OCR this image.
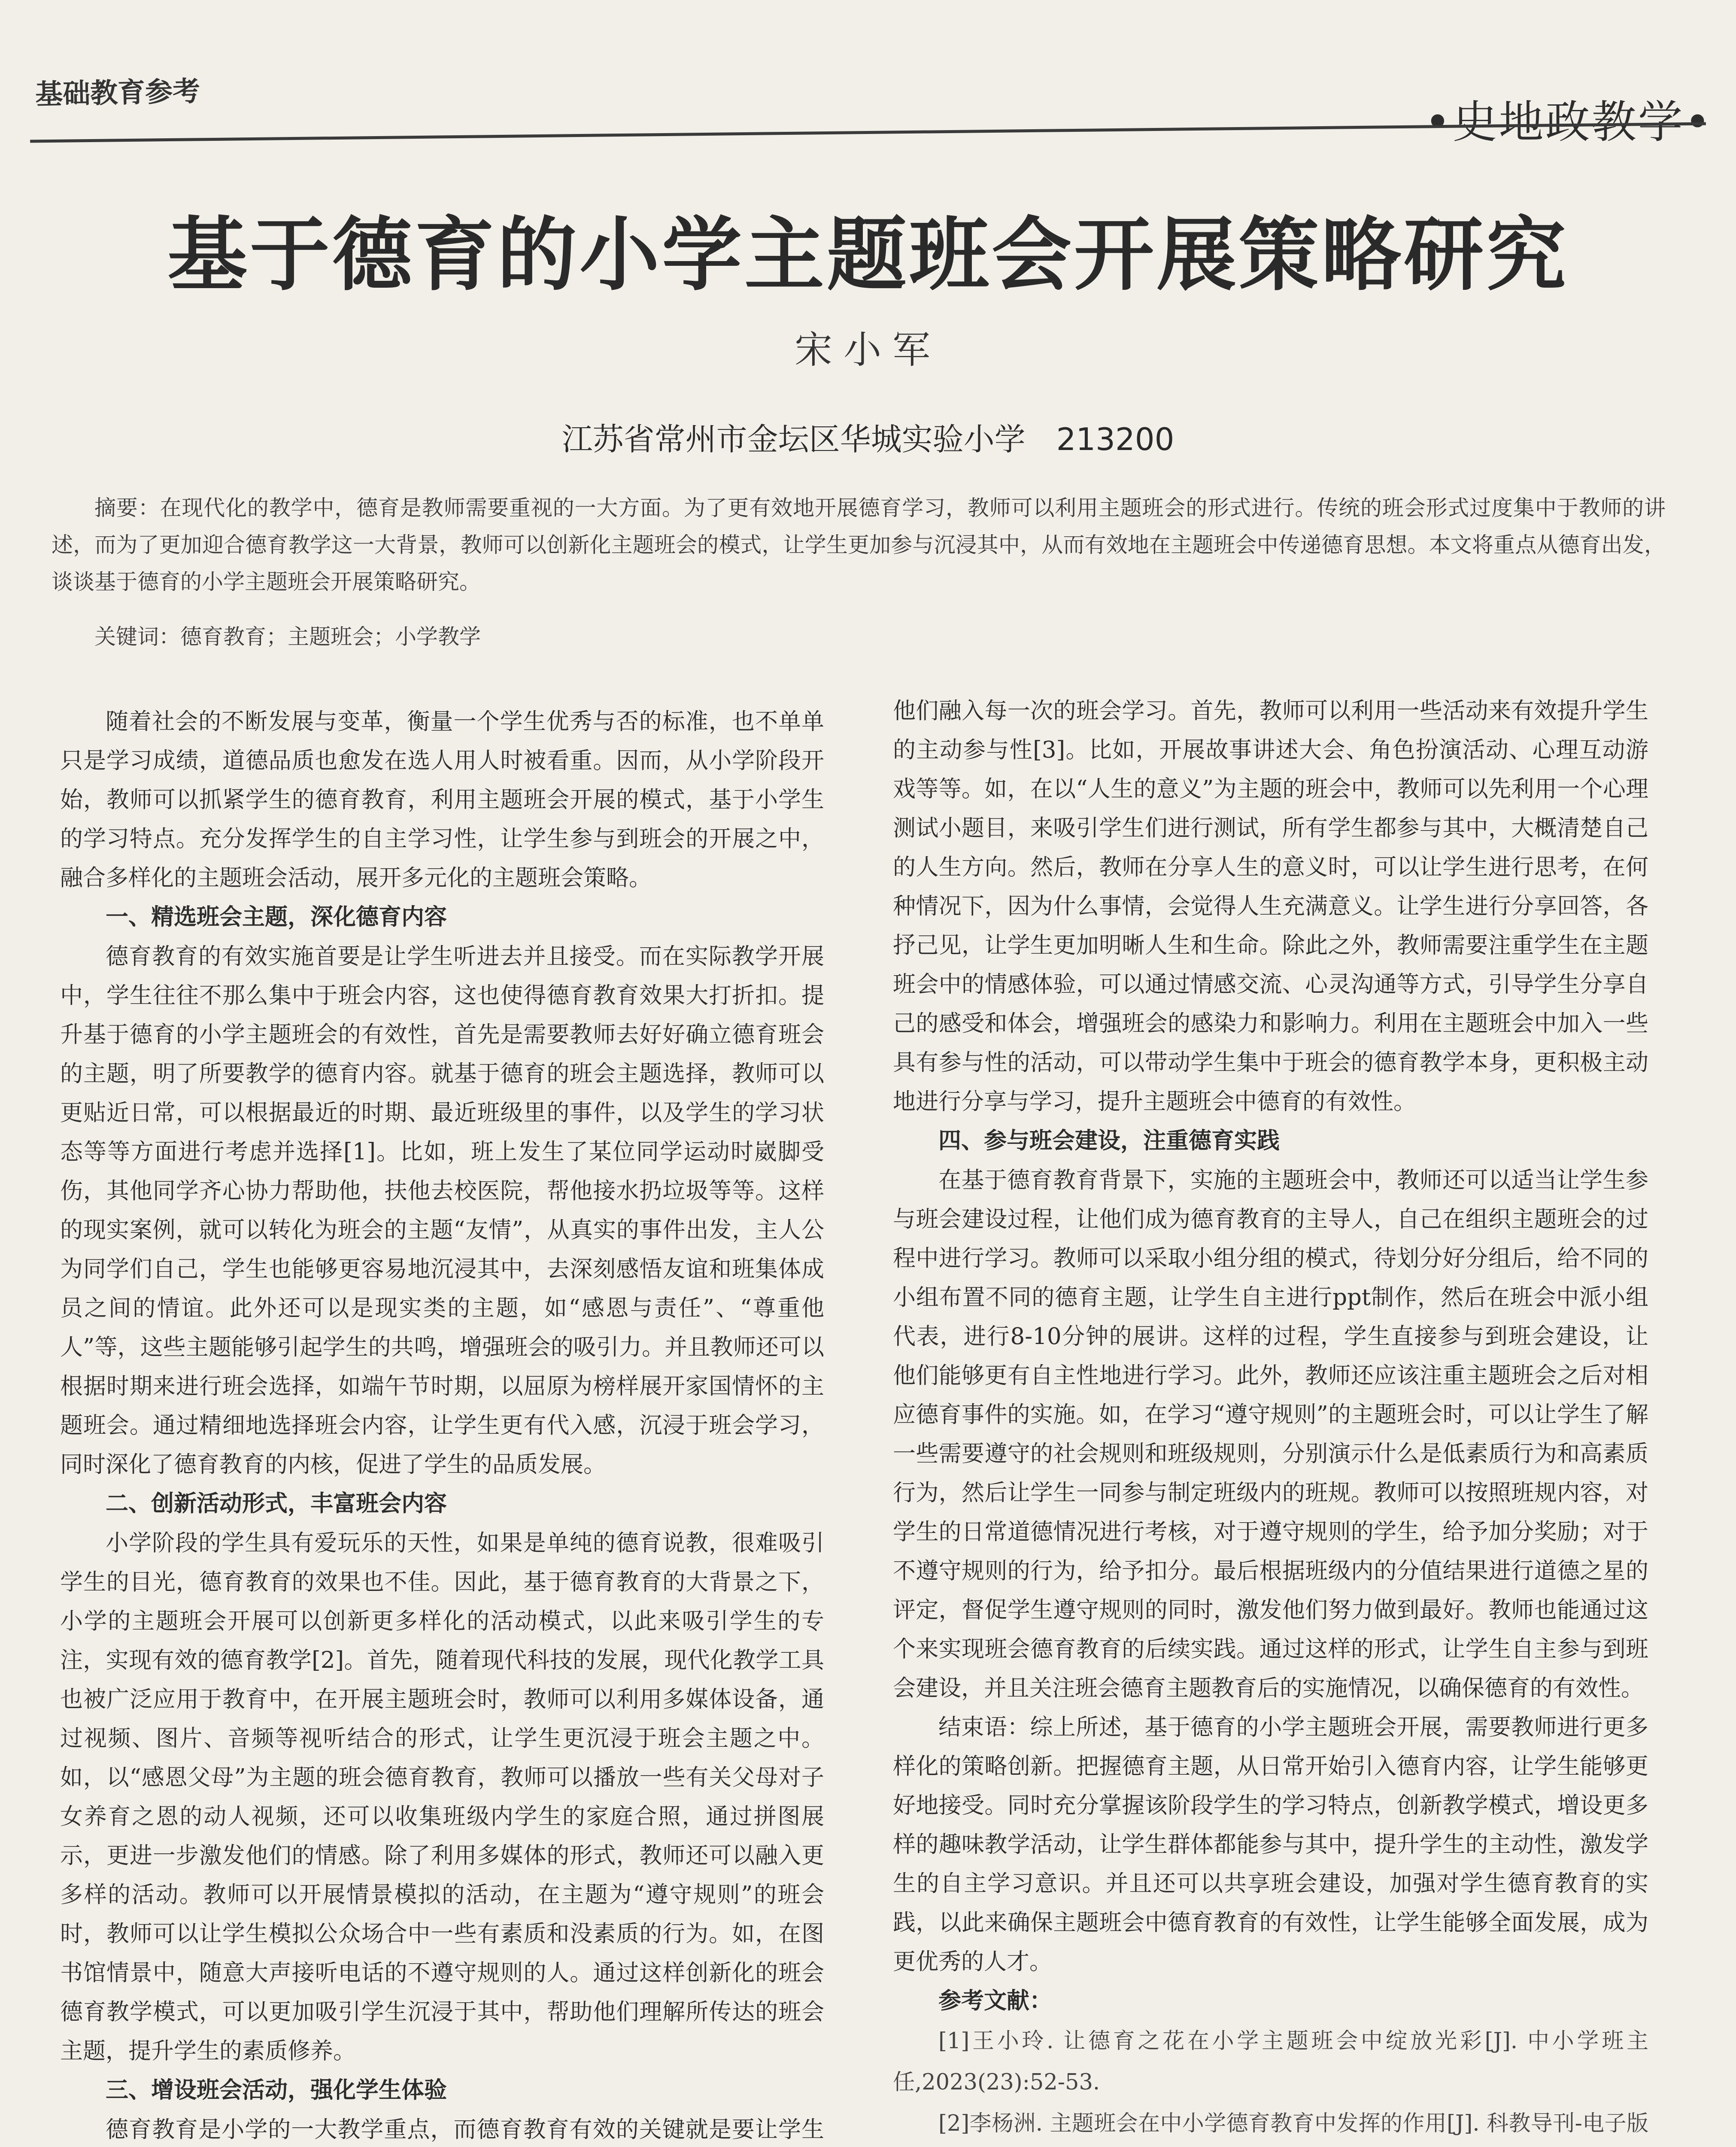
基础教育参考
•史地政教学•
基于德育的小学主题班会开展策略研究
宋小军
江苏省常州市金坛区华城实验小学　213200
摘要：在现代化的教学中，德育是教师需要重视的一大方面。为了更有效地开展德育学习，教师可以利用主题班会的形式进行。传统的班会形式过度集中于教师的讲述，而为了更加迎合德育教学这一大背景，教师可以创新化主题班会的模式，让学生更加参与沉浸其中，从而有效地在主题班会中传递德育思想。本文将重点从德育出发，谈谈基于德育的小学主题班会开展策略研究。
关键词：德育教育；主题班会；小学教学

随着社会的不断发展与变革，衡量一个学生优秀与否的标准，也不单单只是学习成绩，道德品质也愈发在选人用人时被看重。因而，从小学阶段开始，教师可以抓紧学生的德育教育，利用主题班会开展的模式，基于小学生的学习特点。充分发挥学生的自主学习性，让学生参与到班会的开展之中，融合多样化的主题班会活动，展开多元化的主题班会策略。

一、精选班会主题，深化德育内容

德育教育的有效实施首要是让学生听进去并且接受。而在实际教学开展中，学生往往不那么集中于班会内容，这也使得德育教育效果大打折扣。提升基于德育的小学主题班会的有效性，首先是需要教师去好好确立德育班会的主题，明了所要教学的德育内容。就基于德育的班会主题选择，教师可以更贴近日常，可以根据最近的时期、最近班级里的事件，以及学生的学习状态等等方面进行考虑并选择[1]。比如，班上发生了某位同学运动时崴脚受伤，其他同学齐心协力帮助他，扶他去校医院，帮他接水扔垃圾等等。这样的现实案例，就可以转化为班会的主题“友情”，从真实的事件出发，主人公为同学们自己，学生也能够更容易地沉浸其中，去深刻感悟友谊和班集体成员之间的情谊。此外还可以是现实类的主题，如“感恩与责任”、“尊重他人”等，这些主题能够引起学生的共鸣，增强班会的吸引力。并且教师还可以根据时期来进行班会选择，如端午节时期，以屈原为榜样展开家国情怀的主题班会。通过精细地选择班会内容，让学生更有代入感，沉浸于班会学习，同时深化了德育教育的内核，促进了学生的品质发展。

二、创新活动形式，丰富班会内容

小学阶段的学生具有爱玩乐的天性，如果是单纯的德育说教，很难吸引学生的目光，德育教育的效果也不佳。因此，基于德育教育的大背景之下，小学的主题班会开展可以创新更多样化的活动模式，以此来吸引学生的专注，实现有效的德育教学[2]。首先，随着现代科技的发展，现代化教学工具也被广泛应用于教育中，在开展主题班会时，教师可以利用多媒体设备，通过视频、图片、音频等视听结合的形式，让学生更沉浸于班会主题之中。如，以“感恩父母”为主题的班会德育教育，教师可以播放一些有关父母对子女养育之恩的动人视频，还可以收集班级内学生的家庭合照，通过拼图展示，更进一步激发他们的情感。除了利用多媒体的形式，教师还可以融入更多样的活动。教师可以开展情景模拟的活动，在主题为“遵守规则”的班会时，教师可以让学生模拟公众场合中一些有素质和没素质的行为。如，在图书馆情景中，随意大声接听电话的不遵守规则的人。通过这样创新化的班会德育教学模式，可以更加吸引学生沉浸于其中，帮助他们理解所传达的班会主题，提升学生的素质修养。

三、增设班会活动，强化学生体验

德育教育是小学的一大教学重点，而德育教育有效的关键就是要让学生

他们融入每一次的班会学习。首先，教师可以利用一些活动来有效提升学生的主动参与性[3]。比如，开展故事讲述大会、角色扮演活动、心理互动游戏等等。如，在以“人生的意义”为主题的班会中，教师可以先利用一个心理测试小题目，来吸引学生们进行测试，所有学生都参与其中，大概清楚自己的人生方向。然后，教师在分享人生的意义时，可以让学生进行思考，在何种情况下，因为什么事情，会觉得人生充满意义。让学生进行分享回答，各抒己见，让学生更加明晰人生和生命。除此之外，教师需要注重学生在主题班会中的情感体验，可以通过情感交流、心灵沟通等方式，引导学生分享自己的感受和体会，增强班会的感染力和影响力。利用在主题班会中加入一些具有参与性的活动，可以带动学生集中于班会的德育教学本身，更积极主动地进行分享与学习，提升主题班会中德育的有效性。

四、参与班会建设，注重德育实践

在基于德育教育背景下，实施的主题班会中，教师还可以适当让学生参与班会建设过程，让他们成为德育教育的主导人，自己在组织主题班会的过程中进行学习。教师可以采取小组分组的模式，待划分好分组后，给不同的小组布置不同的德育主题，让学生自主进行ppt制作，然后在班会中派小组代表，进行8-10分钟的展讲。这样的过程，学生直接参与到班会建设，让他们能够更有自主性地进行学习。此外，教师还应该注重主题班会之后对相应德育事件的实施。如，在学习“遵守规则”的主题班会时，可以让学生了解一些需要遵守的社会规则和班级规则，分别演示什么是低素质行为和高素质行为，然后让学生一同参与制定班级内的班规。教师可以按照班规内容，对学生的日常道德情况进行考核，对于遵守规则的学生，给予加分奖励；对于不遵守规则的行为，给予扣分。最后根据班级内的分值结果进行道德之星的评定，督促学生遵守规则的同时，激发他们努力做到最好。教师也能通过这个来实现班会德育教育的后续实践。通过这样的形式，让学生自主参与到班会建设，并且关注班会德育主题教育后的实施情况，以确保德育的有效性。

结束语：综上所述，基于德育的小学主题班会开展，需要教师进行更多样化的策略创新。把握德育主题，从日常开始引入德育内容，让学生能够更好地接受。同时充分掌握该阶段学生的学习特点，创新教学模式，增设更多样的趣味教学活动，让学生群体都能参与其中，提升学生的主动性，激发学生的自主学习意识。并且还可以共享班会建设，加强对学生德育教育的实践，以此来确保主题班会中德育教育的有效性，让学生能够全面发展，成为更优秀的人才。

参考文献：
[1]王小玲. 让德育之花在小学主题班会中绽放光彩[J]. 中小学班主任,2023(23):52-53.
[2]李杨洲. 主题班会在中小学德育教育中发挥的作用[J]. 科教导刊-电子版
